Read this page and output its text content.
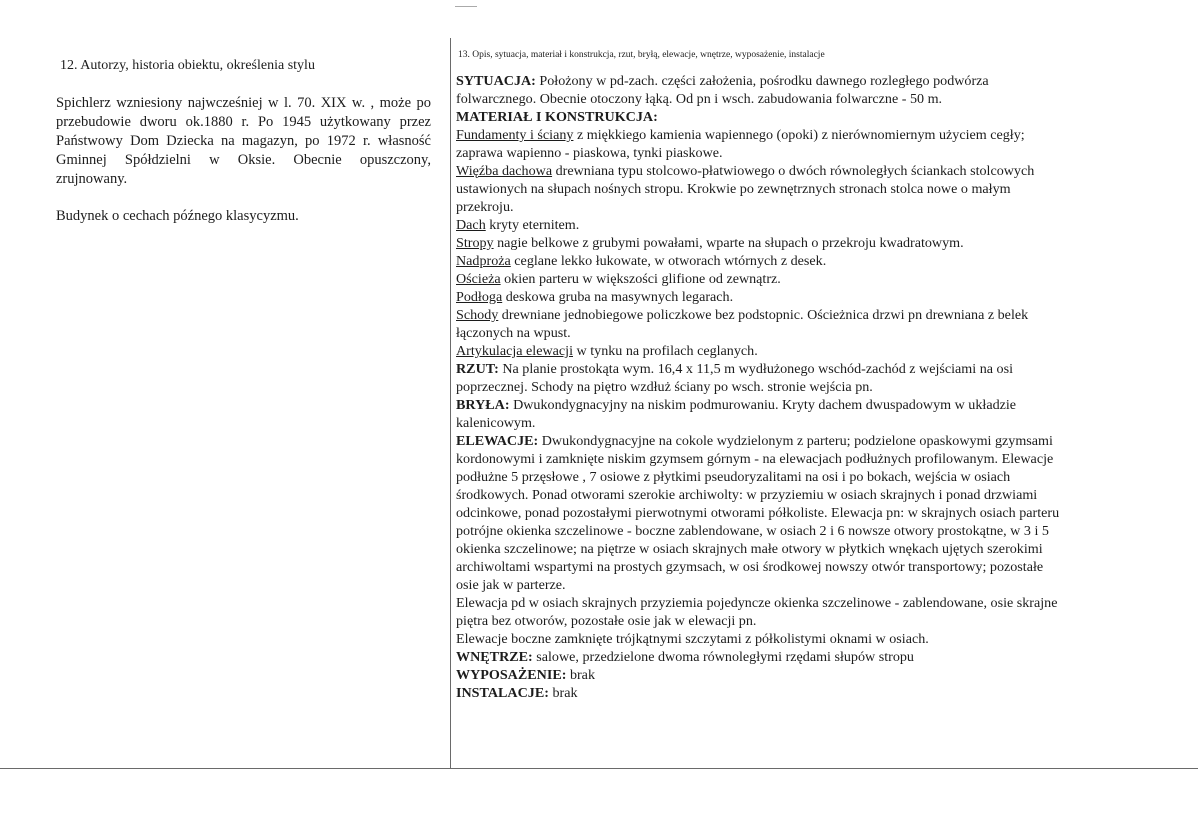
12. Autorzy, historia obiektu, określenia stylu

Spichlerz wzniesiony najwcześniej w l. 70. XIX w. , może po przebudowie dworu ok.1880 r. Po 1945 użytkowany przez Państwowy Dom Dziecka na magazyn, po 1972 r. własność Gminnej Spółdzielni w Oksie. Obecnie opuszczony, zrujnowany.

Budynek o cechach późnego klasycyzmu.

13. Opis, sytuacja, materiał i konstrukcja, rzut, bryłą, elewacje, wnętrze, wyposażenie, instalacje
SYTUACJA: Położony w pd-zach. części założenia, pośrodku dawnego rozległego podwórza
folwarcznego. Obecnie otoczony łąką. Od pn i wsch. zabudowania folwarczne - 50 m.
MATERIAŁ I KONSTRUKCJA:
Fundamenty i ściany z miękkiego kamienia wapiennego (opoki) z nierównomiernym użyciem cegły;
zaprawa wapienno - piaskowa, tynki piaskowe.
Więźba dachowa drewniana typu stolcowo-płatwiowego o dwóch równoległych ściankach stolcowych
ustawionych na słupach nośnych stropu. Krokwie po zewnętrznych stronach stolca nowe o małym
przekroju.
Dach kryty eternitem.
Stropy nagie belkowe z grubymi powałami, wparte na słupach o przekroju kwadratowym.
Nadproża ceglane lekko łukowate, w otworach wtórnych z desek.
Ościeża okien parteru w większości glifione od zewnątrz.
Podłoga deskowa gruba na masywnych legarach.
Schody drewniane jednobiegowe policzkowe bez podstopnic. Ościeżnica drzwi pn drewniana z belek
łączonych na wpust.
Artykulacja elewacji w tynku na profilach ceglanych.
RZUT: Na planie prostokąta wym. 16,4 x 11,5 m wydłużonego wschód-zachód z wejściami na osi
poprzecznej. Schody na piętro wzdłuż ściany po wsch. stronie wejścia pn.
BRYŁA: Dwukondygnacyjny na niskim podmurowaniu. Kryty dachem dwuspadowym w układzie
kalenicowym.
ELEWACJE: Dwukondygnacyjne na cokole wydzielonym z parteru; podzielone opaskowymi gzymsami
kordonowymi i zamknięte niskim gzymsem górnym - na elewacjach podłużnych profilowanym. Elewacje
podłużne 5 przęsłowe , 7 osiowe z płytkimi pseudoryzalitami na osi i po bokach, wejścia w osiach
środkowych. Ponad otworami szerokie archiwolty: w przyziemiu w osiach skrajnych i ponad drzwiami
odcinkowe, ponad pozostałymi pierwotnymi otworami półkoliste. Elewacja pn: w skrajnych osiach parteru
potrójne okienka szczelinowe - boczne zablendowane, w osiach 2 i 6 nowsze otwory prostokątne, w 3 i 5
okienka szczelinowe; na piętrze w osiach skrajnych małe otwory w płytkich wnękach ujętych szerokimi
archiwoltami wspartymi na prostych gzymsach, w osi środkowej nowszy otwór transportowy; pozostałe
osie jak w parterze.
Elewacja pd w osiach skrajnych przyziemia pojedyncze okienka szczelinowe - zablendowane, osie skrajne
piętra bez otworów, pozostałe osie jak w elewacji pn.
Elewacje boczne zamknięte trójkątnymi szczytami z półkolistymi oknami w osiach.
WNĘTRZE: salowe, przedzielone dwoma równoległymi rzędami słupów stropu
WYPOSAŻENIE: brak
INSTALACJE: brak
